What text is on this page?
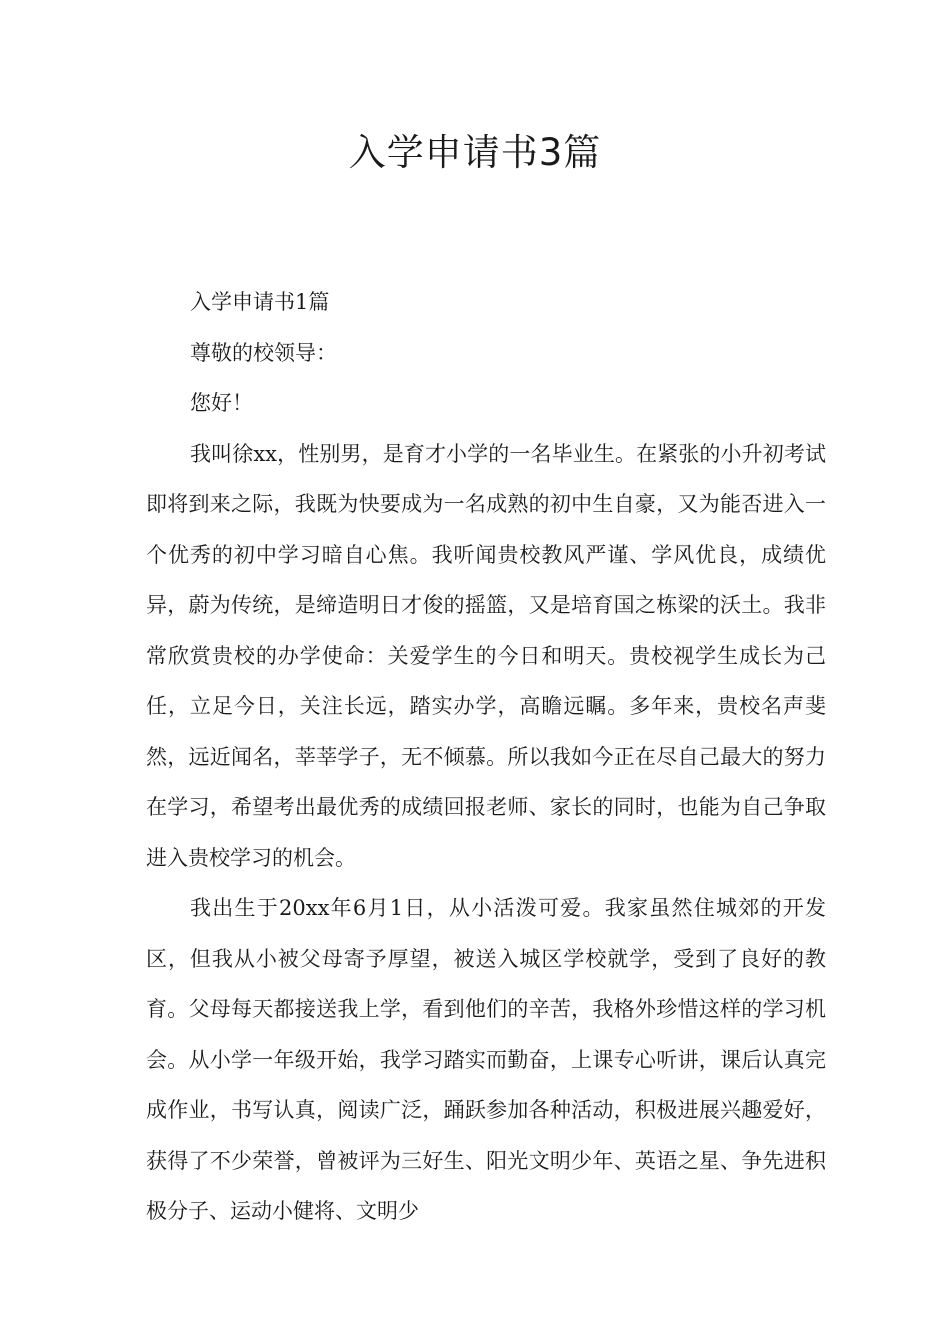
入学申请书3篇

入学申请书1篇

尊敬的校领导：

您好！

我叫徐xx，性别男，是育才小学的一名毕业生。在紧张的小升初考试即将到来之际，我既为快要成为一名成熟的初中生自豪，又为能否进入一个优秀的初中学习暗自心焦。我听闻贵校教风严谨、学风优良，成绩优异，蔚为传统，是缔造明日才俊的摇篮，又是培育国之栋梁的沃土。我非常欣赏贵校的办学使命：关爱学生的今日和明天。贵校视学生成长为己任，立足今日，关注长远，踏实办学，高瞻远瞩。多年来，贵校名声斐然，远近闻名，莘莘学子，无不倾慕。所以我如今正在尽自己最大的努力在学习，希望考出最优秀的成绩回报老师、家长的同时，也能为自己争取进入贵校学习的机会。

我出生于20xx年6月1日，从小活泼可爱。我家虽然住城郊的开发区，但我从小被父母寄予厚望，被送入城区学校就学，受到了良好的教育。父母每天都接送我上学，看到他们的辛苦，我格外珍惜这样的学习机会。从小学一年级开始，我学习踏实而勤奋，上课专心听讲，课后认真完成作业，书写认真，阅读广泛，踊跃参加各种活动，积极进展兴趣爱好，获得了不少荣誉，曾被评为三好生、阳光文明少年、英语之星、争先进积极分子、运动小健将、文明少
